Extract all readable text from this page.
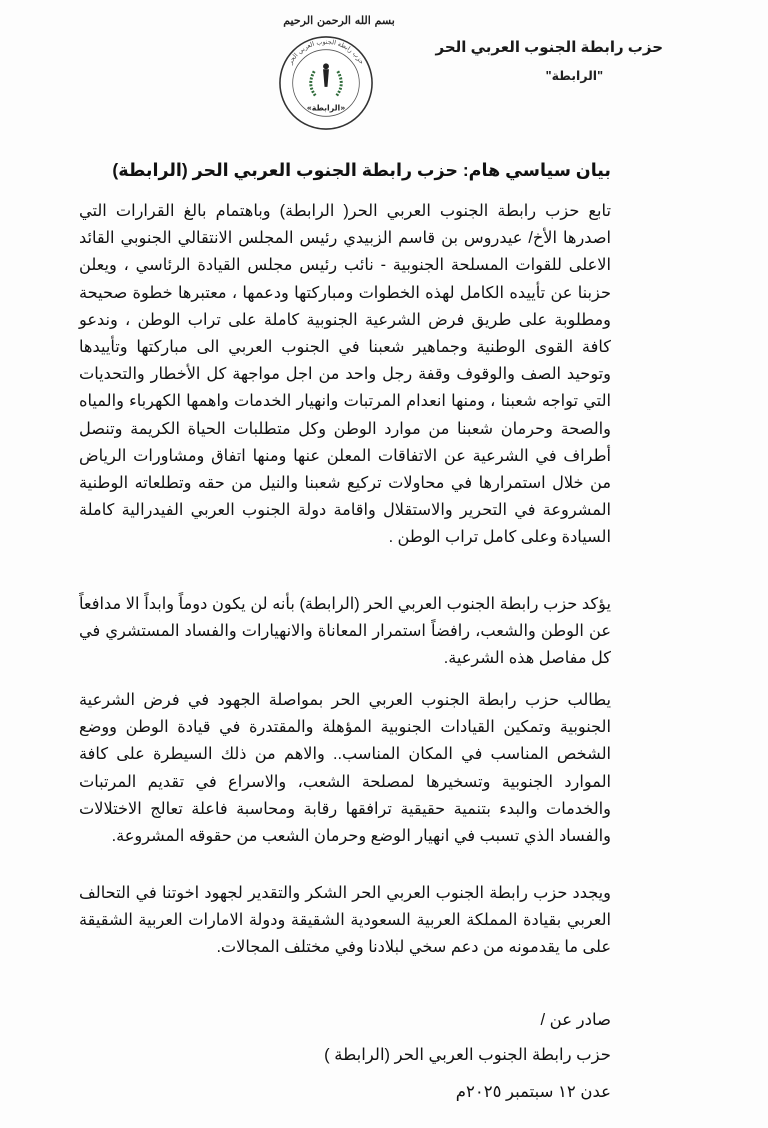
بسم الله الرحمن الرحيم
حزب رابطة الجنوب العربي الحر
«الرابطة»
حزب رابطة الجنوب العربي الحر
"الرابطة"
بيان سياسي هام: حزب رابطة الجنوب العربي الحر (الرابطة)
تابع حزب رابطة الجنوب العربي الحر( الرابطة) وباهتمام بالغ القرارات التي اصدرها الأخ/ عيدروس بن قاسم الزبيدي رئيس المجلس الانتقالي الجنوبي القائد الاعلى للقوات المسلحة الجنوبية - نائب رئيس مجلس القيادة الرئاسي ، ويعلن حزبنا عن تأييده الكامل لهذه الخطوات ومباركتها ودعمها ، معتبرها خطوة صحيحة ومطلوبة على طريق فرض الشرعية الجنوبية كاملة على تراب الوطن ، وندعو كافة القوى الوطنية وجماهير شعبنا في الجنوب العربي الى مباركتها وتأييدها وتوحيد الصف والوقوف وقفة رجل واحد من اجل مواجهة كل الأخطار والتحديات التي تواجه شعبنا ، ومنها انعدام المرتبات وانهيار الخدمات واهمها الكهرباء والمياه والصحة وحرمان شعبنا من موارد الوطن وكل متطلبات الحياة الكريمة وتنصل أطراف في الشرعية عن الاتفاقات المعلن عنها ومنها اتفاق ومشاورات الرياض من خلال استمرارها في محاولات تركيع شعبنا والنيل من حقه وتطلعاته الوطنية المشروعة في التحرير والاستقلال واقامة دولة الجنوب العربي الفيدرالية كاملة السيادة وعلى كامل تراب الوطن .
يؤكد حزب رابطة الجنوب العربي الحر (الرابطة) بأنه لن يكون دوماً وابداً الا مدافعاً عن الوطن والشعب، رافضاً استمرار المعاناة والانهيارات والفساد المستشري في كل مفاصل هذه الشرعية.
يطالب حزب رابطة الجنوب العربي الحر بمواصلة الجهود في فرض الشرعية الجنوبية وتمكين القيادات الجنوبية المؤهلة والمقتدرة في قيادة الوطن ووضع الشخص المناسب في المكان المناسب.. والاهم من ذلك السيطرة على كافة الموارد الجنوبية وتسخيرها لمصلحة الشعب، والاسراع في تقديم المرتبات والخدمات والبدء بتنمية حقيقية ترافقها رقابة ومحاسبة فاعلة تعالج الاختلالات والفساد الذي تسبب في انهيار الوضع وحرمان الشعب من حقوقه المشروعة.
ويجدد حزب رابطة الجنوب العربي الحر الشكر والتقدير لجهود اخوتنا في التحالف العربي بقيادة المملكة العربية السعودية الشقيقة ودولة الامارات العربية الشقيقة على ما يقدمونه من دعم سخي لبلادنا وفي مختلف المجالات.
صادر عن /
حزب رابطة الجنوب العربي الحر (الرابطة )
عدن ١٢ سبتمبر ٢٠٢٥م
